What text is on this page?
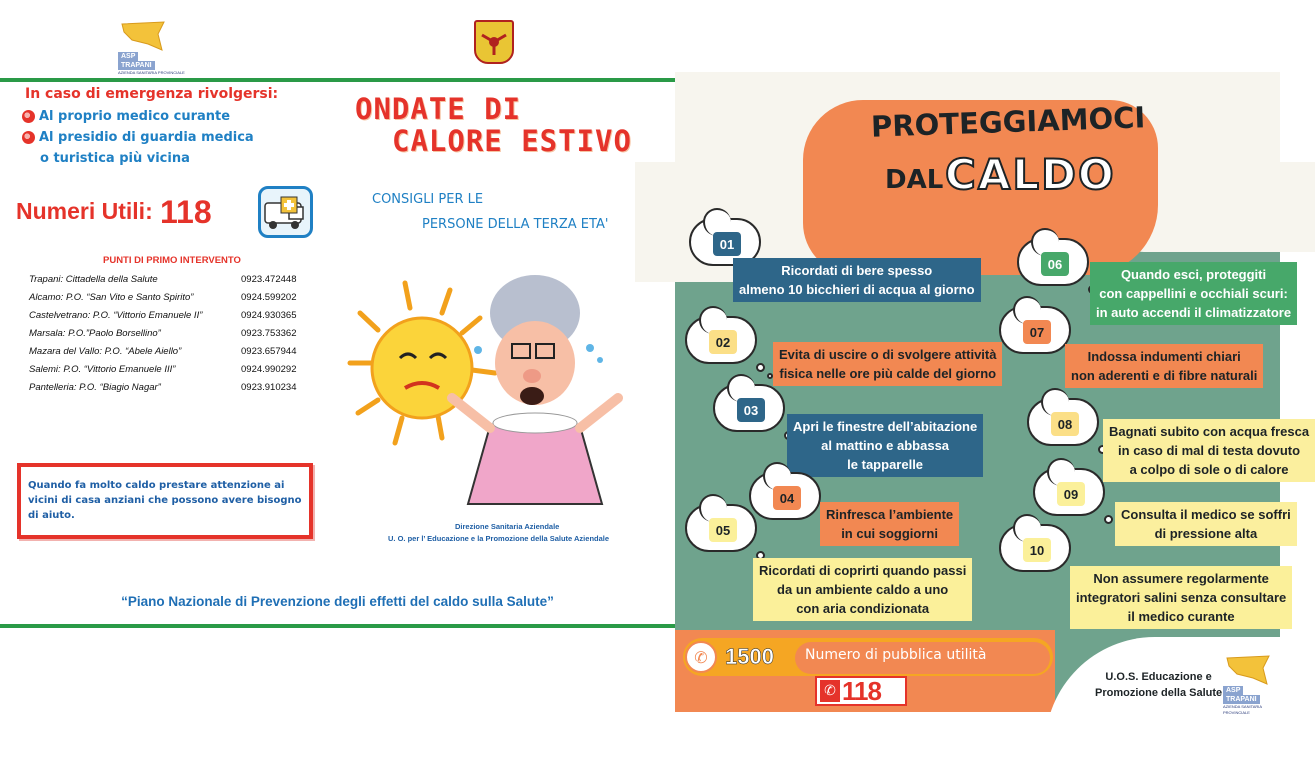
ASP
TRAPANI
AZIENDA SANITARIA PROVINCIALE
In caso di emergenza rivolgersi:
Al proprio medico curante
Al presidio di guardia medica
o turistica più vicina
Numeri Utili: 118
ONDATE DI
CALORE ESTIVO
CONSIGLI PER LE
PERSONE DELLA TERZA ETA'
PUNTI DI PRIMO INTERVENTO
Trapani: Cittadella della Salute	0923.472448
Alcamo: P.O. “San Vito e Santo Spirito”	0924.599202
Castelvetrano: P.O. “Vittorio Emanuele II”	0924.930365
Marsala: P.O.”Paolo Borsellino”	0923.753362
Mazara del Vallo: P.O. “Abele Aiello”	0923.657944
Salemi: P.O. “Vittorio Emanuele III”	0924.990292
Pantelleria: P.O. “Biagio Nagar”	0923.910234
Quando fa molto caldo prestare attenzione ai vicini di casa anziani che possono avere bisogno di aiuto.
Direzione Sanitaria Aziendale
U. O. per l’ Educazione e la Promozione della Salute Aziendale
“Piano Nazionale di Prevenzione degli effetti del caldo sulla Salute”
PROTEGGIAMOCI
DAL CALDO
01
Ricordati di bere spesso
almeno 10 bicchieri di acqua al giorno
02
Evita di uscire o di svolgere attività
fisica nelle ore più calde del giorno
03
Apri le finestre dell’abitazione
al mattino e abbassa
le tapparelle
04
Rinfresca l’ambiente
in cui soggiorni
05
Ricordati di coprirti quando passi
da un ambiente caldo a uno
con aria condizionata
06
Quando esci, proteggiti
con cappellini e occhiali scuri:
in auto accendi il climatizzatore
07
Indossa indumenti chiari
non aderenti e di fibre naturali
08	Bagnati subito con acqua fresca
in caso di mal di testa dovuto
a colpo di sole o di calore
09
Consulta il medico se soffri
di pressione alta
10
Non assumere regolarmente
integratori salini senza consultare
il medico curante
✆ 1500	Numero di pubblica utilità
✆ 118	U.O.S. Educazione e
Promozione della Salute ASP
TRAPANI
AZIENDA SANITARIA PROVINCIALE
